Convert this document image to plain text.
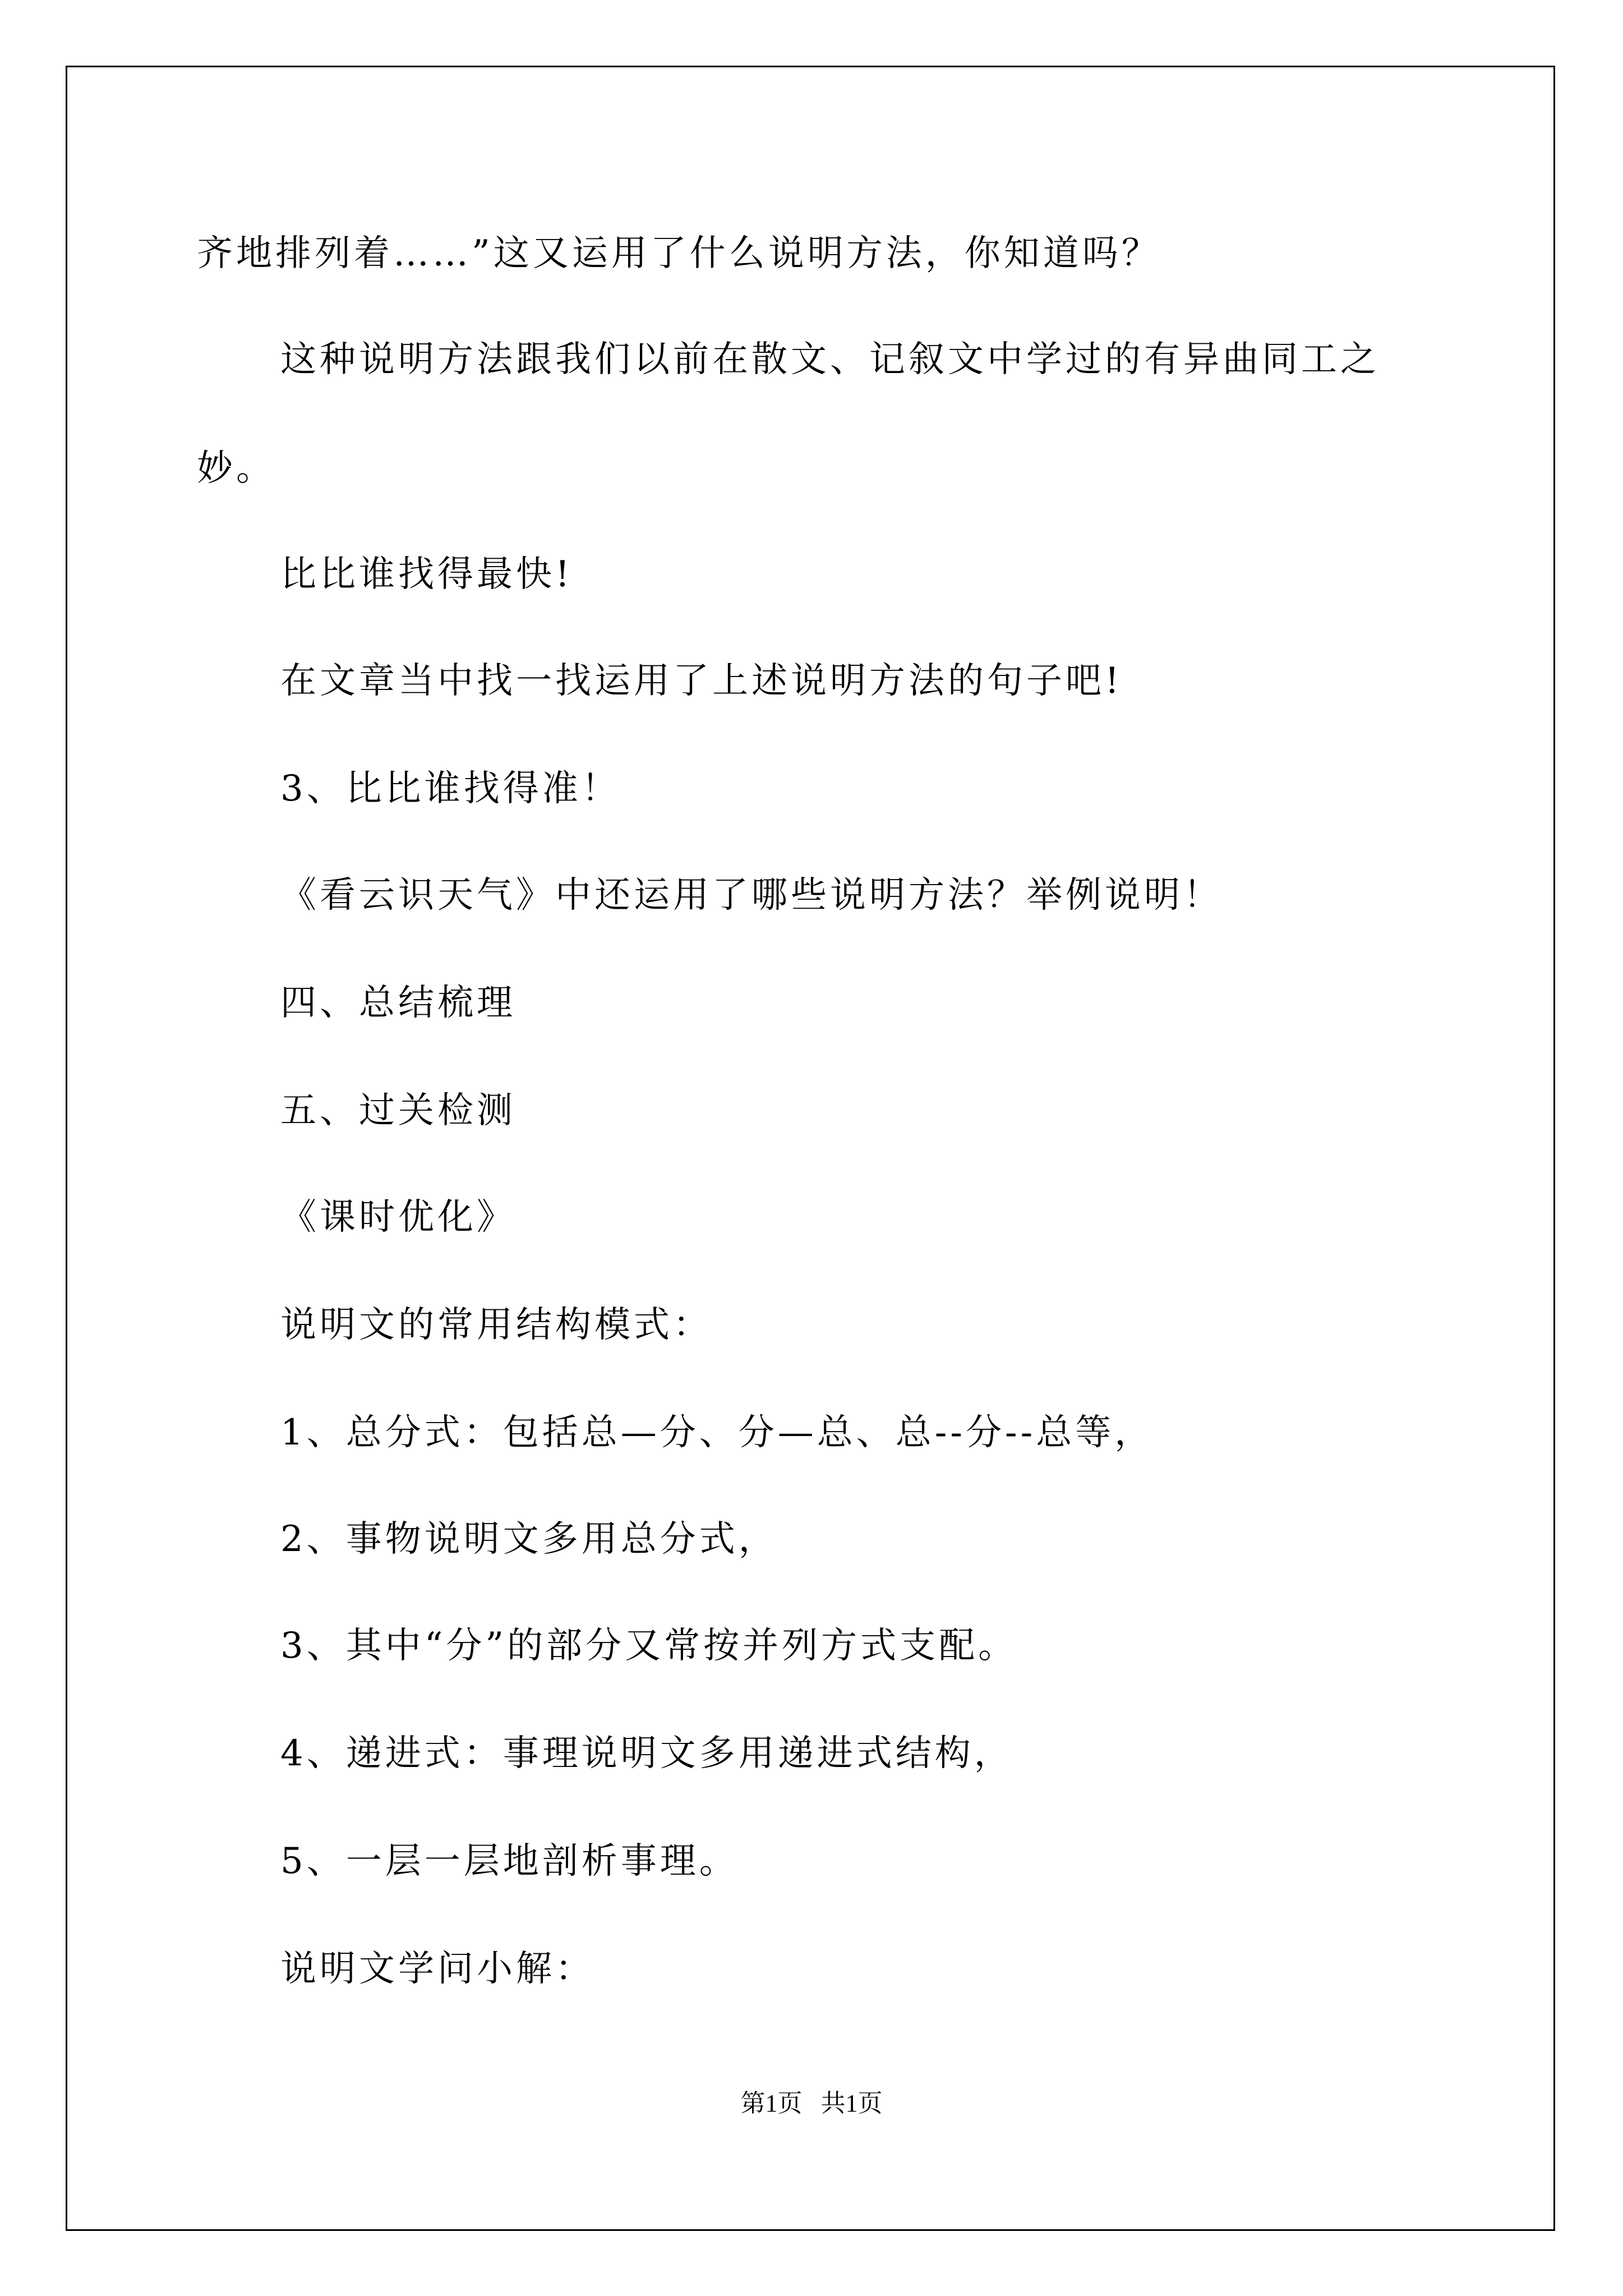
齐地排列着……”这又运用了什么说明方法，你知道吗？
这种说明方法跟我们以前在散文、记叙文中学过的有异曲同工之
妙。
比比谁找得最快!
在文章当中找一找运用了上述说明方法的句子吧!
3、比比谁找得准！
《看云识天气》中还运用了哪些说明方法？举例说明！
四、总结梳理
五、过关检测
《课时优化》
说明文的常用结构模式：
1、总分式：包括总—分、分—总、总--分--总等，
2、事物说明文多用总分式，
3、其中“分”的部分又常按并列方式支配。
4、递进式：事理说明文多用递进式结构，
5、一层一层地剖析事理。
说明文学问小解：
第1页   共1页
